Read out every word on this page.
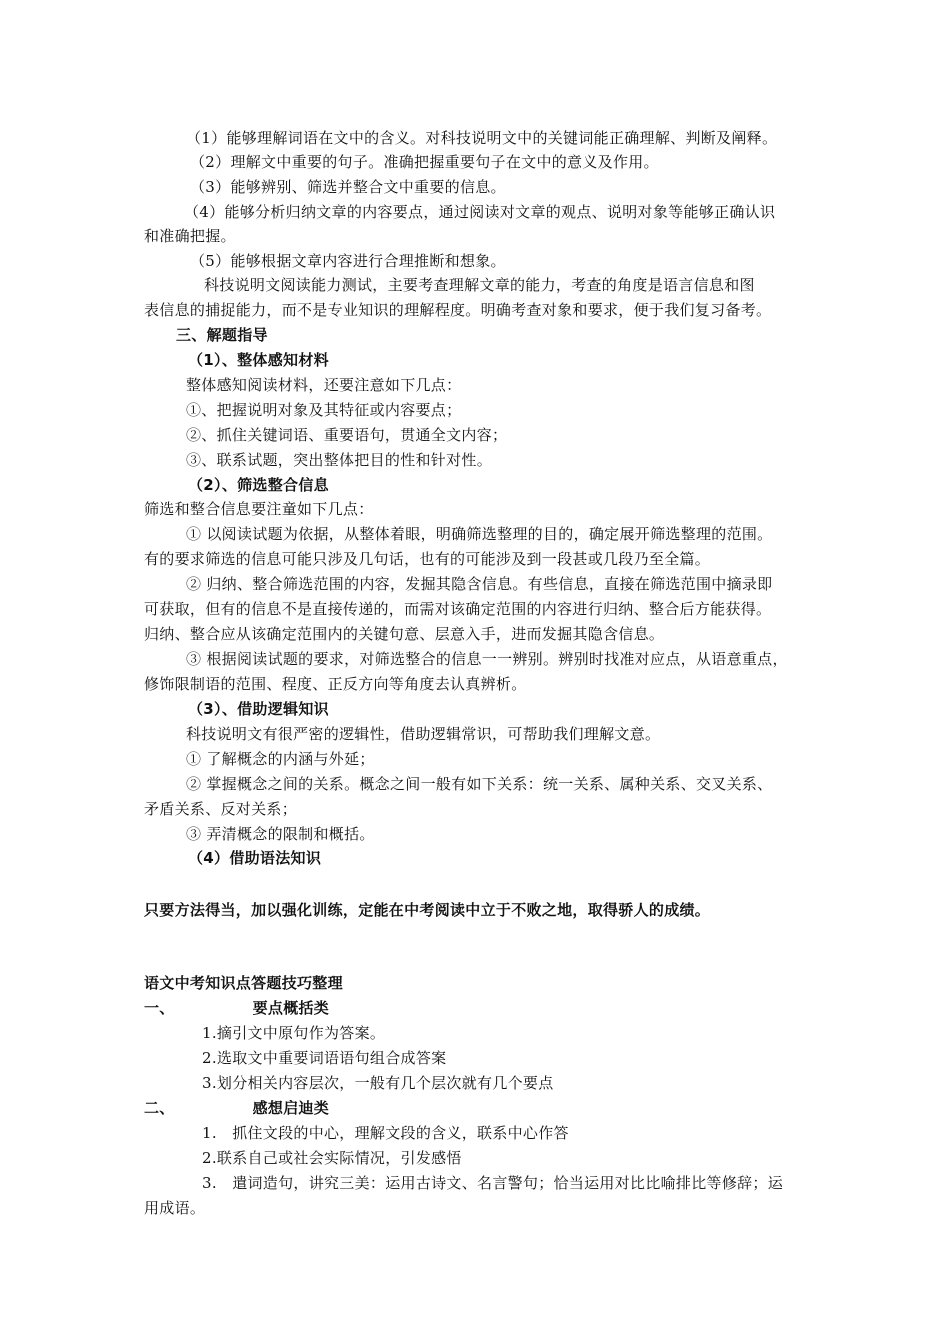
（1）能够理解词语在文中的含义。对科技说明文中的关键词能正确理解、判断及阐释。
（2）理解文中重要的句子。准确把握重要句子在文中的意义及作用。
（3）能够辨别、筛选并整合文中重要的信息。
（4）能够分析归纳文章的内容要点，通过阅读对文章的观点、说明对象等能够正确认识
和准确把握。
（5）能够根据文章内容进行合理推断和想象。
科技说明文阅读能力测试，主要考查理解文章的能力，考查的角度是语言信息和图
表信息的捕捉能力，而不是专业知识的理解程度。明确考查对象和要求，便于我们复习备考。
三、解题指导
（1）、整体感知材料
整体感知阅读材料，还要注意如下几点：
①、把握说明对象及其特征或内容要点；
②、抓住关键词语、重要语句，贯通全文内容；
③、联系试题，突出整体把目的性和针对性。
（2）、筛选整合信息
筛选和整合信息要注童如下几点：
① 以阅读试题为依据，从整体着眼，明确筛选整理的目的，确定展开筛选整理的范围。
有的要求筛选的信息可能只涉及几句话，也有的可能涉及到一段甚或几段乃至全篇。
② 归纳、整合筛选范围的内容，发掘其隐含信息。有些信息，直接在筛选范围中摘录即
可获取，但有的信息不是直接传递的，而需对该确定范围的内容进行归纳、整合后方能获得。
归纳、整合应从该确定范围内的关键句意、层意入手，进而发掘其隐含信息。
③ 根据阅读试题的要求，对筛选整合的信息一一辨别。辨别时找准对应点，从语意重点，
修饰限制语的范围、程度、正反方向等角度去认真辨析。
（3）、借助逻辑知识
科技说明文有很严密的逻辑性，借助逻辑常识，可帮助我们理解文意。
① 了解概念的内涵与外延；
② 掌握概念之间的关系。概念之间一般有如下关系：统一关系、属种关系、交叉关系、
矛盾关系、反对关系；
③ 弄清概念的限制和概括。
（4）借助语法知识
只要方法得当，加以强化训练，定能在中考阅读中立于不败之地，取得骄人的成绩。
语文中考知识点答题技巧整理
一、	要点概括类
1.摘引文中原句作为答案。
2.选取文中重要词语语句组合成答案
3.划分相关内容层次，一般有几个层次就有几个要点
二、	感想启迪类
1.　抓住文段的中心，理解文段的含义，联系中心作答
2.联系自己或社会实际情况，引发感悟
3.　遣词造句，讲究三美：运用古诗文、名言警句；恰当运用对比比喻排比等修辞；运
用成语。
